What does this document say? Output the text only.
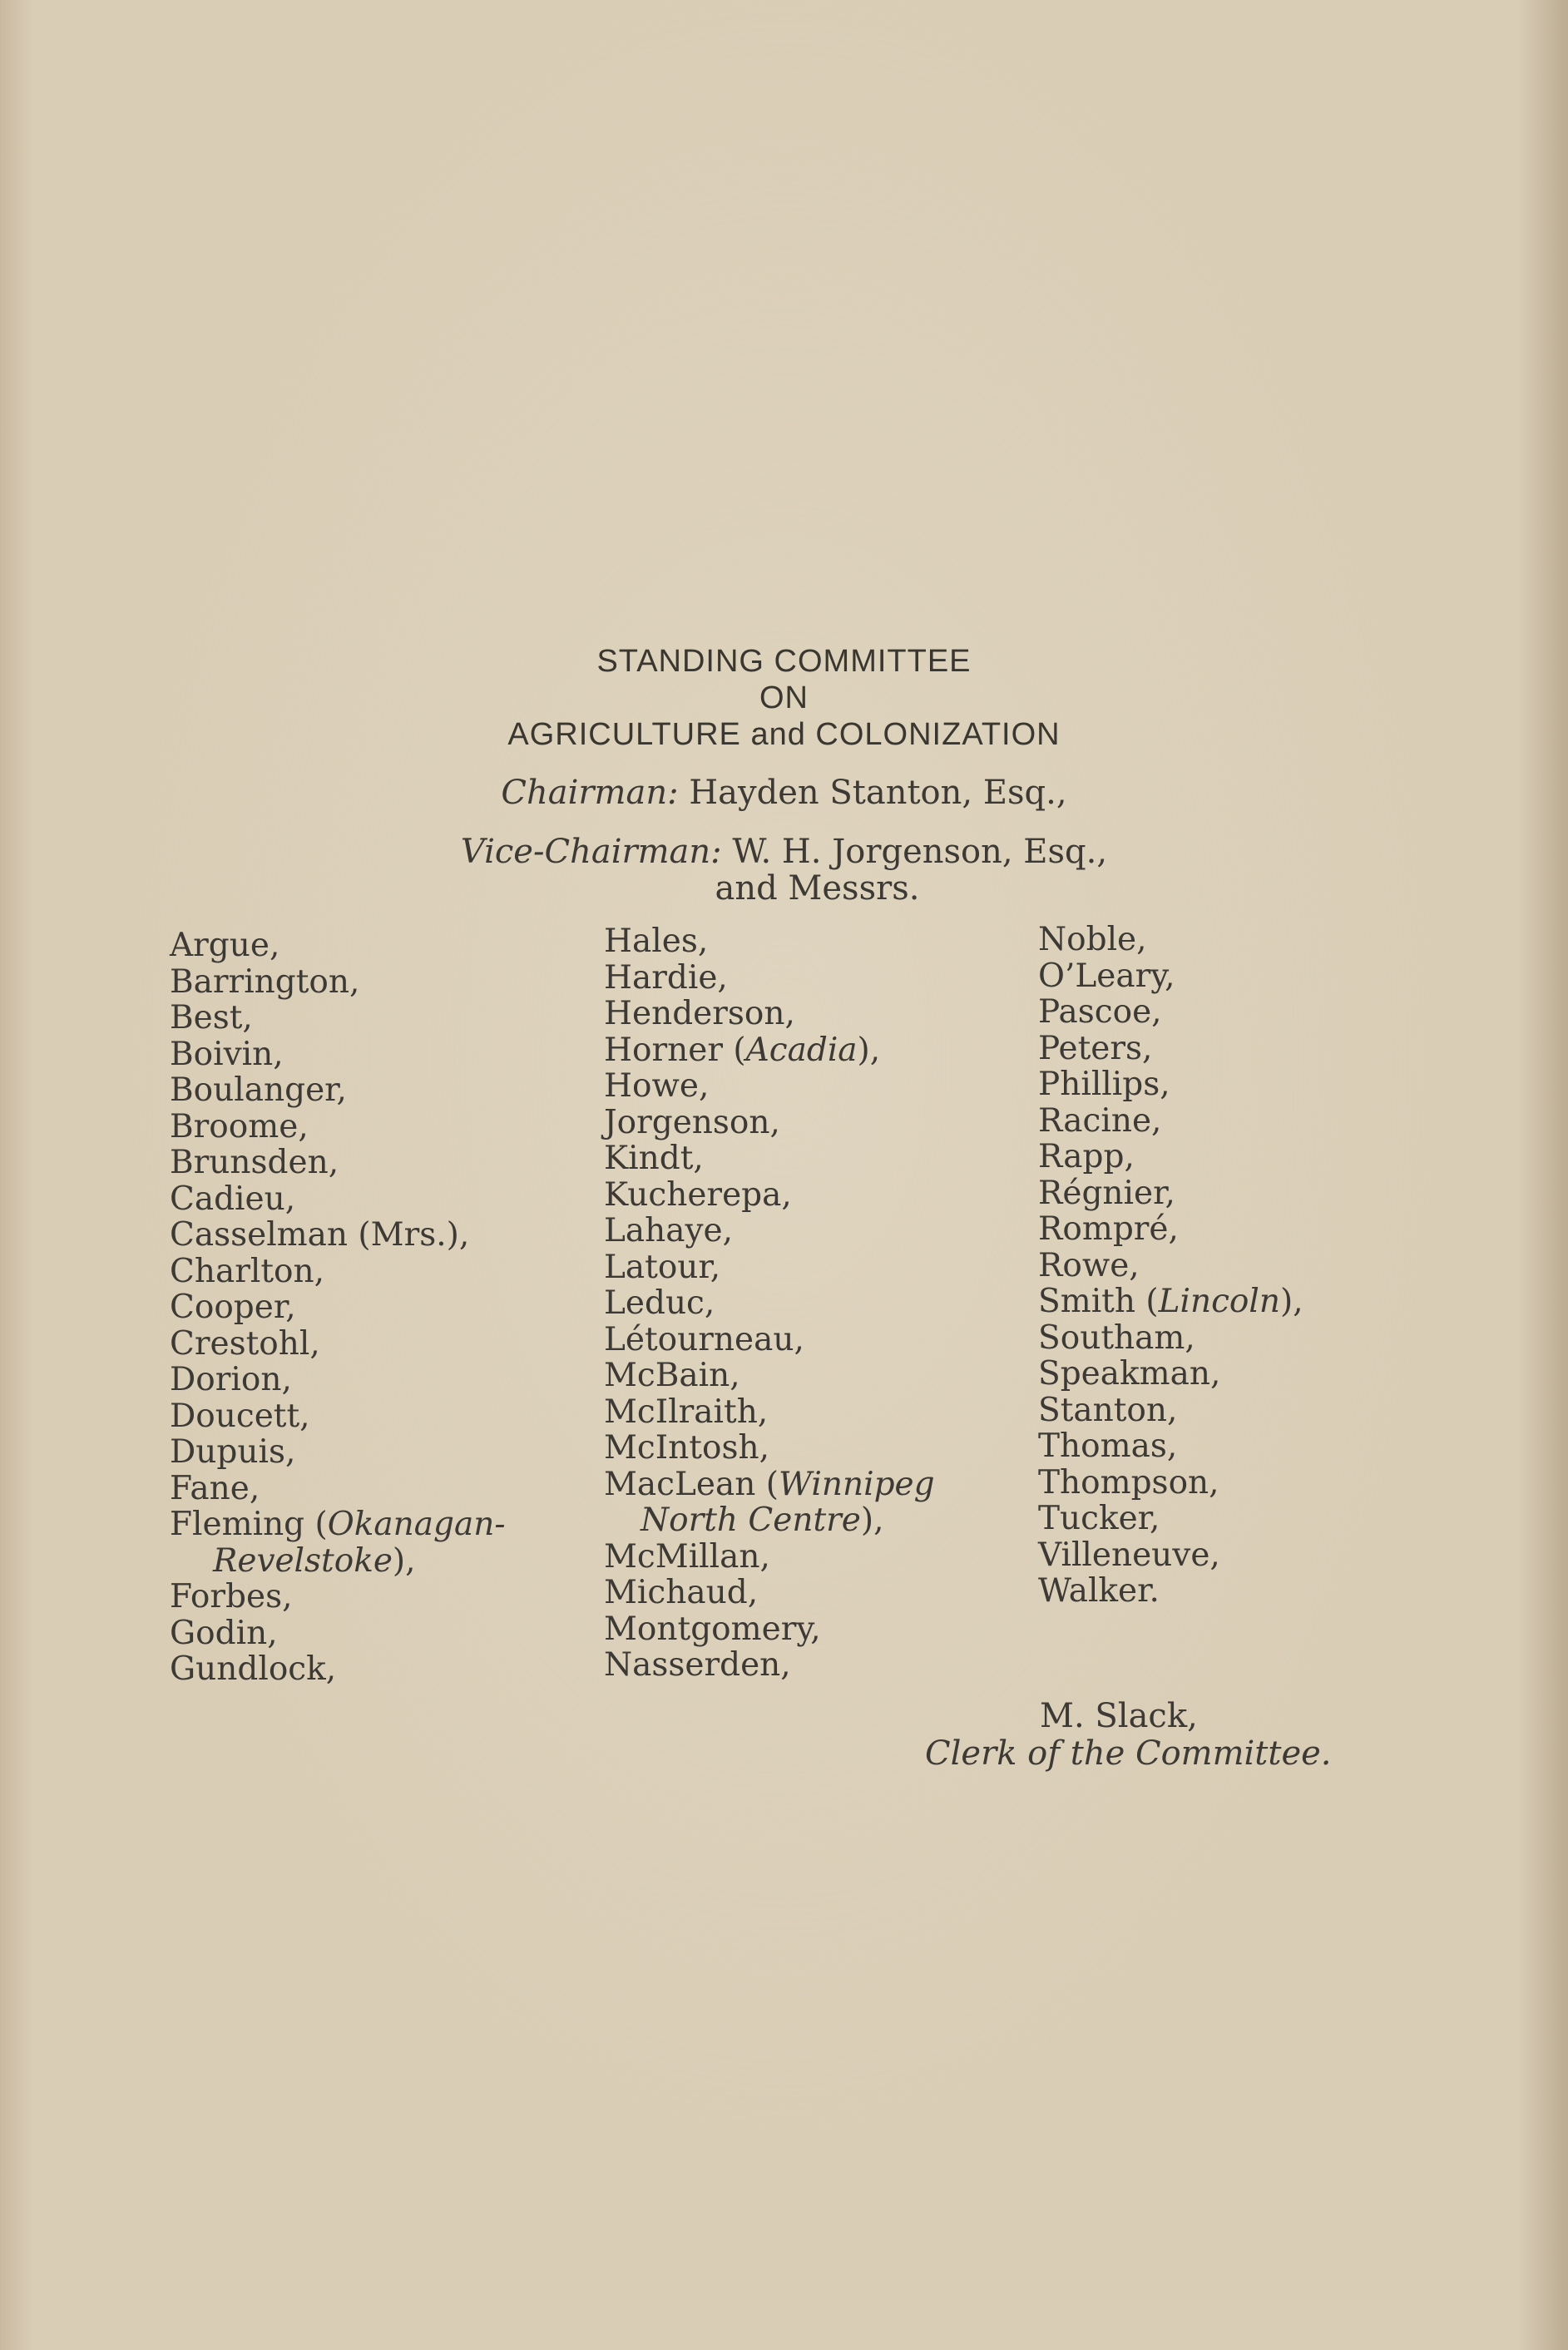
STANDING COMMITTEE
ON
AGRICULTURE and COLONIZATION
Chairman: Hayden Stanton, Esq.,
Vice-Chairman: W. H. Jorgenson, Esq.,
and Messrs.
Argue,
Barrington,
Best,
Boivin,
Boulanger,
Broome,
Brunsden,
Cadieu,
Casselman (Mrs.),
Charlton,
Cooper,
Crestohl,
Dorion,
Doucett,
Dupuis,
Fane,
Fleming (Okanagan-
Revelstoke),
Forbes,
Godin,
Gundlock,
Hales,
Hardie,
Henderson,
Horner (Acadia),
Howe,
Jorgenson,
Kindt,
Kucherepa,
Lahaye,
Latour,
Leduc,
Létourneau,
McBain,
McIlraith,
McIntosh,
MacLean (Winnipeg
North Centre),
McMillan,
Michaud,
Montgomery,
Nasserden,
Noble,
O’Leary,
Pascoe,
Peters,
Phillips,
Racine,
Rapp,
Régnier,
Rompré,
Rowe,
Smith (Lincoln),
Southam,
Speakman,
Stanton,
Thomas,
Thompson,
Tucker,
Villeneuve,
Walker.
M. Slack,
Clerk of the Committee.
